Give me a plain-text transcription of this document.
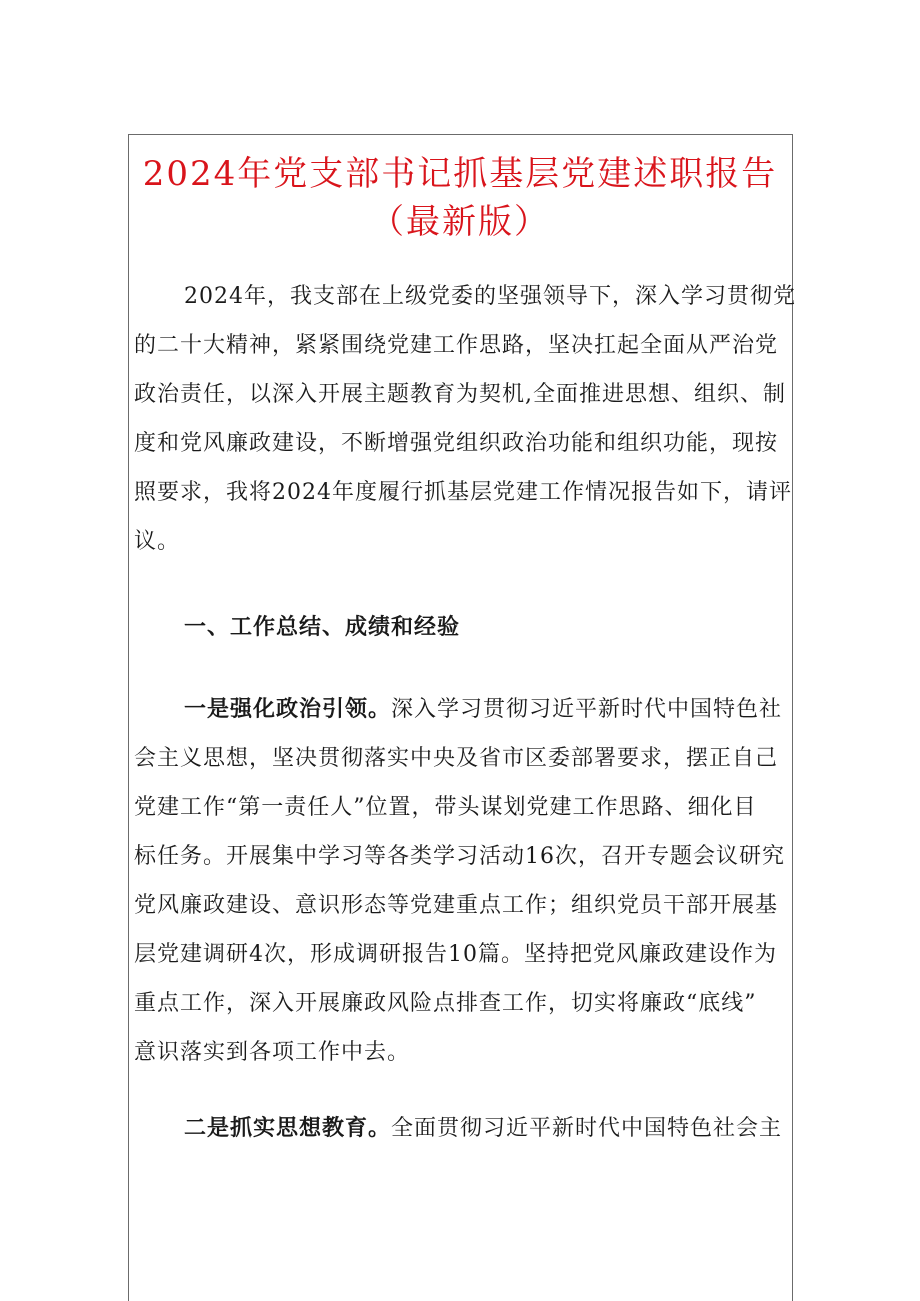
2024年党支部书记抓基层党建述职报告
（最新版）
2024年，我支部在上级党委的坚强领导下，深入学习贯彻党
的二十大精神，紧紧围绕党建工作思路，坚决扛起全面从严治党
政治责任，以深入开展主题教育为契机,全面推进思想、组织、制
度和党风廉政建设，不断增强党组织政治功能和组织功能，现按
照要求，我将2024年度履行抓基层党建工作情况报告如下，请评
议。
一、工作总结、成绩和经验
一是强化政治引领。深入学习贯彻习近平新时代中国特色社
会主义思想，坚决贯彻落实中央及省市区委部署要求，摆正自己
党建工作“第一责任人”位置，带头谋划党建工作思路、细化目
标任务。开展集中学习等各类学习活动16次，召开专题会议研究
党风廉政建设、意识形态等党建重点工作；组织党员干部开展基
层党建调研4次，形成调研报告10篇。坚持把党风廉政建设作为
重点工作，深入开展廉政风险点排查工作，切实将廉政“底线”
意识落实到各项工作中去。
二是抓实思想教育。全面贯彻习近平新时代中国特色社会主
